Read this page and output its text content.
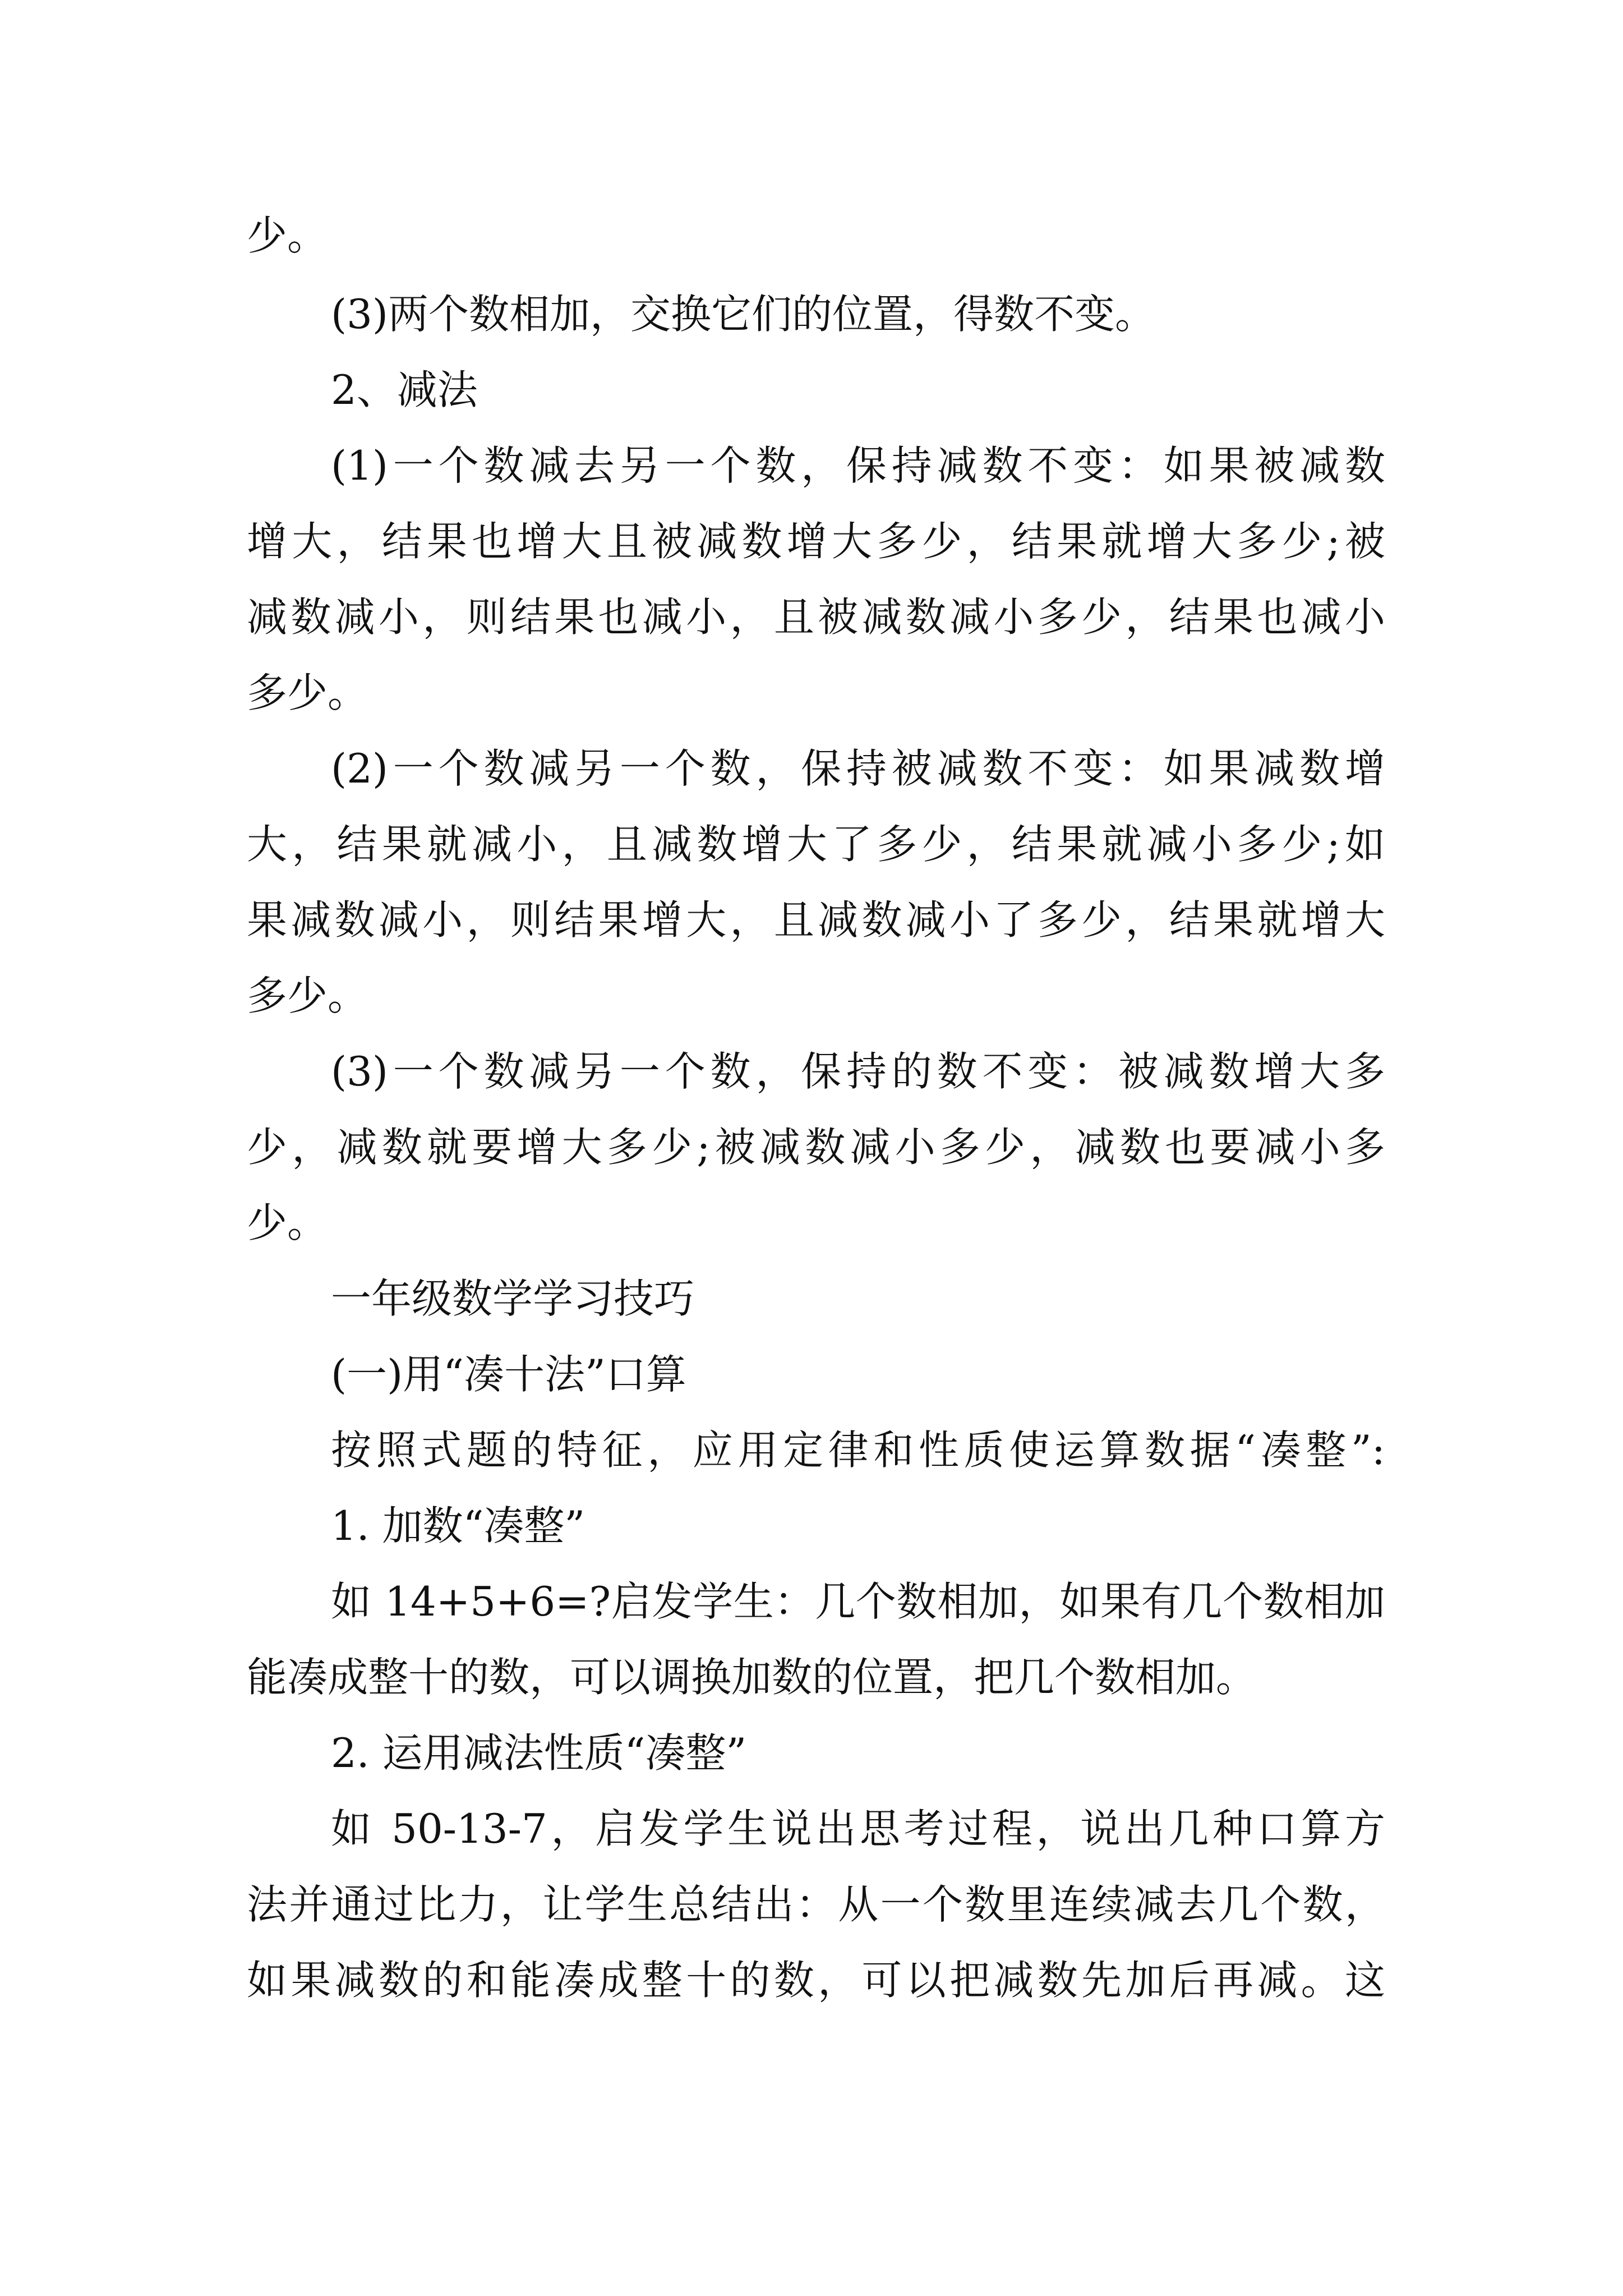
少。
(3)两个数相加，交换它们的位置，得数不变。
2、减法
(1)一个数减去另一个数，保持减数不变：如果被减数
增大，结果也增大且被减数增大多少，结果就增大多少;被
减数减小，则结果也减小，且被减数减小多少，结果也减小
多少。
(2)一个数减另一个数，保持被减数不变：如果减数增
大，结果就减小，且减数增大了多少，结果就减小多少;如
果减数减小，则结果增大，且减数减小了多少，结果就增大
多少。
(3)一个数减另一个数，保持的数不变：被减数增大多
少，减数就要增大多少;被减数减小多少，减数也要减小多
少。
一年级数学学习技巧
(一)用“凑十法”口算
按照式题的特征，应用定律和性质使运算数据“凑整”:
1. 加数“凑整”
如 14+5+6=?启发学生：几个数相加，如果有几个数相加
能凑成整十的数，可以调换加数的位置，把几个数相加。
2. 运用减法性质“凑整”
如 50-13-7，启发学生说出思考过程，说出几种口算方
法并通过比力，让学生总结出：从一个数里连续减去几个数，
如果减数的和能凑成整十的数，可以把减数先加后再减。这
